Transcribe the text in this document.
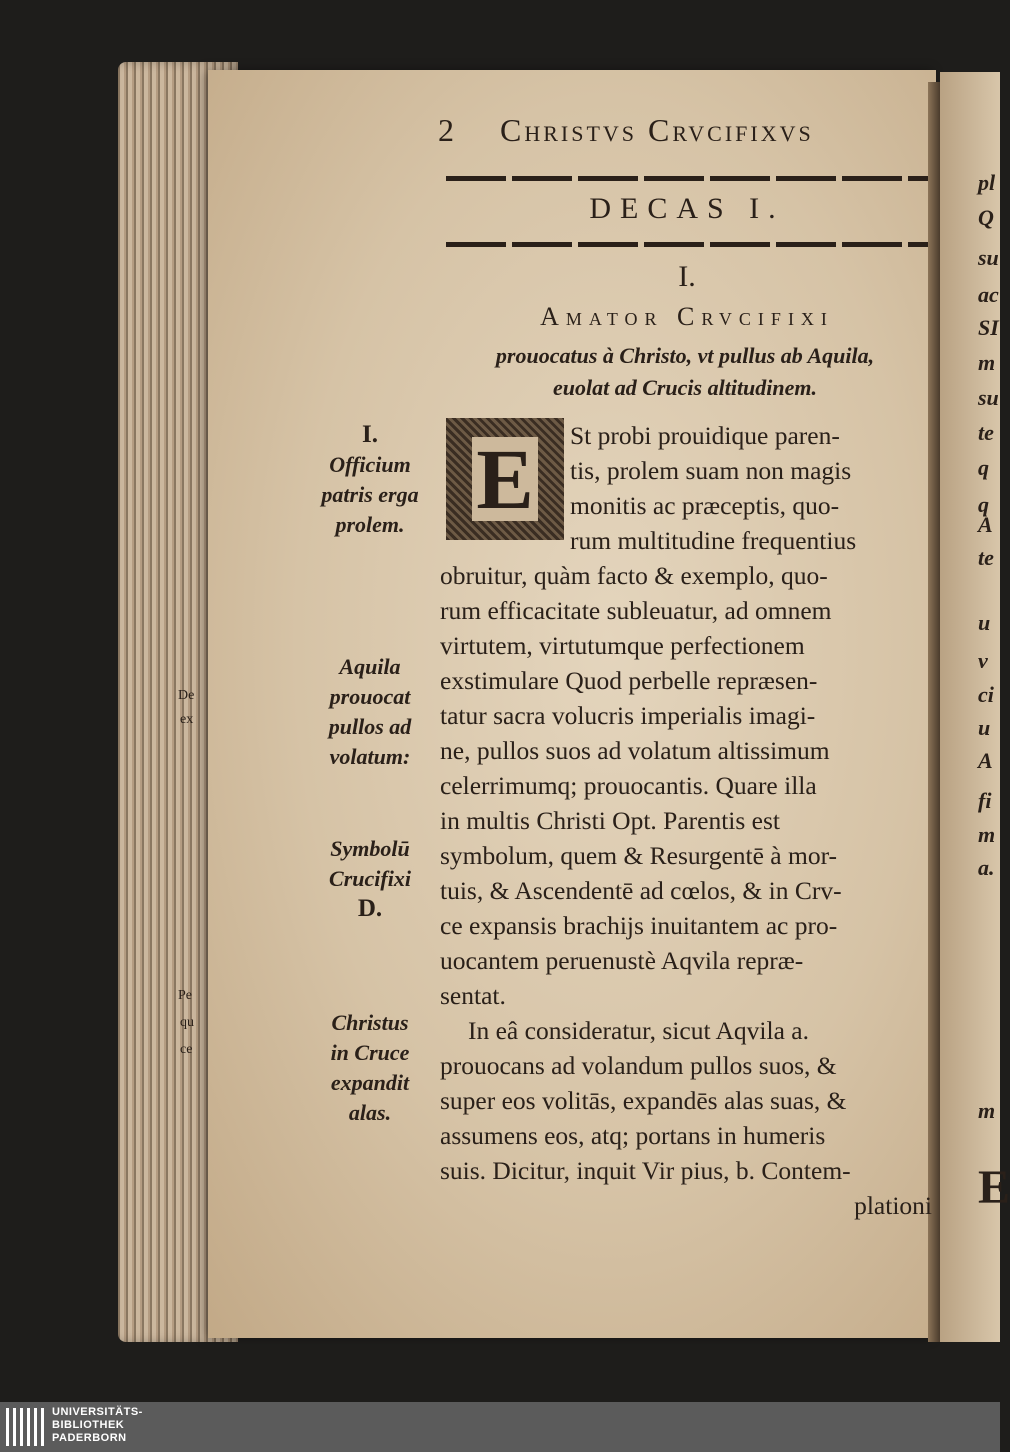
De
ex
Pe
qu
ce
pl
Q
su
ac
SI
m
su
te
q
q
A
te
u
v
ci
u
A
fi
m
a.
m
E
2 Christvs Crvcifixvs
DECAS I.
I.
Amator Crvcifixi
prouocatus à Christo, vt pullus ab Aquila,
euolat ad Crucis altitudinem.
E	St probi prouidique paren-
tis, prolem suam non magis
monitis ac præceptis, quo-
rum multitudine frequentius
obruitur, quàm facto & exemplo, quo-
rum efficacitate subleuatur, ad omnem
virtutem, virtutumque perfectionem
exstimulare Quod perbelle repræsen-
tatur sacra volucris imperialis imagi-
ne, pullos suos ad volatum altissimum
celerrimumq; prouocantis. Quare illa
in multis Christi Opt. Parentis est
symbolum, quem & Resurgentē à mor-
tuis, & Ascendentē ad cœlos, & in Crv-
ce expansis brachijs inuitantem ac pro-
uocantem peruenustè Aqvila repræ-
sentat.
In eâ consideratur, sicut Aqvila a.
prouocans ad volandum pullos suos, &
super eos volitās, expandēs alas suas, &
assumens eos, atq; portans in humeris
suis. Dicitur, inquit Vir pius, b. Contem-
plationi
I.
Officium
patris erga
prolem.
Aquila
prouocat
pullos ad
volatum:
Symbolū
Crucifixi
D.
Christus
in Cruce
expandit
alas.
UNIVERSITÄTS-
BIBLIOTHEK
PADERBORN
